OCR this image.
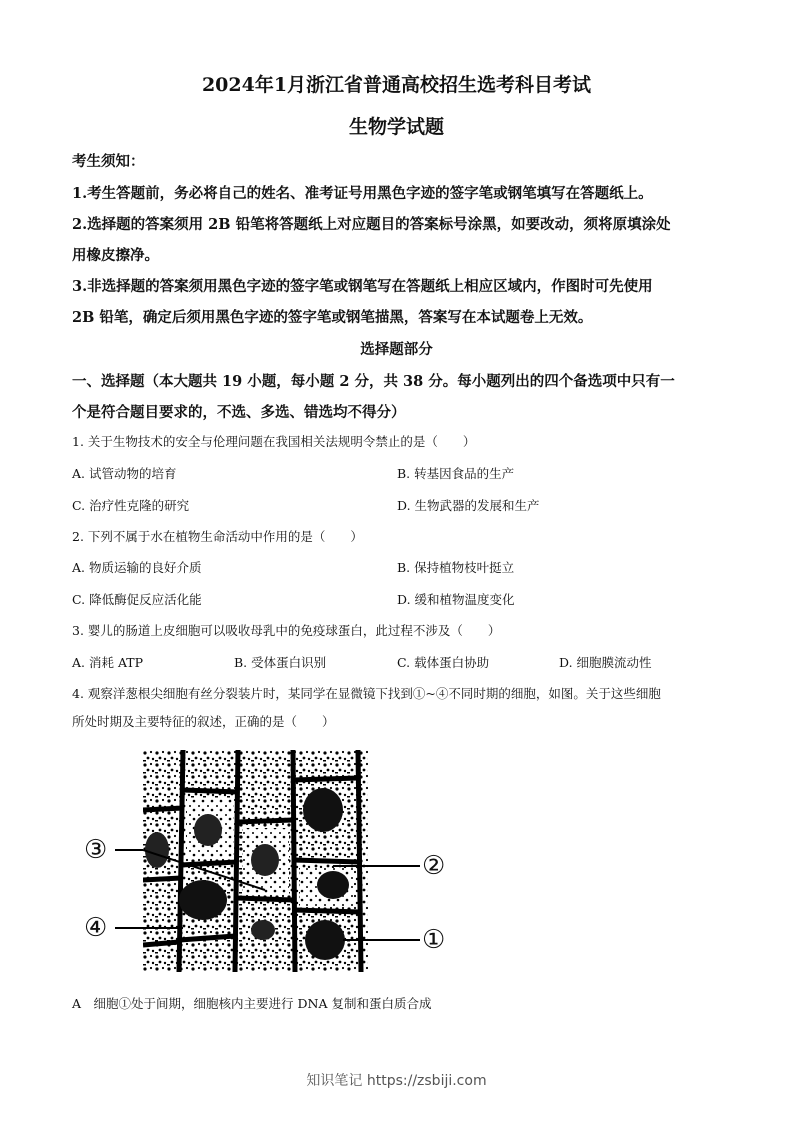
2024年1月浙江省普通高校招生选考科目考试
生物学试题
考生须知：
1.考生答题前，务必将自己的姓名、准考证号用黑色字迹的签字笔或钢笔填写在答题纸上。
2.选择题的答案须用 2B 铅笔将答题纸上对应题目的答案标号涂黑，如要改动，须将原填涂处
用橡皮擦净。
3.非选择题的答案须用黑色字迹的签字笔或钢笔写在答题纸上相应区域内，作图时可先使用
2B 铅笔，确定后须用黑色字迹的签字笔或钢笔描黑，答案写在本试题卷上无效。
选择题部分
一、选择题（本大题共 19 小题，每小题 2 分，共 38 分。每小题列出的四个备选项中只有一
个是符合题目要求的，不选、多选、错选均不得分）
1. 关于生物技术的安全与伦理问题在我国相关法规明令禁止的是（　　）
A. 试管动物的培育	B. 转基因食品的生产
C. 治疗性克隆的研究	D. 生物武器的发展和生产
2. 下列不属于水在植物生命活动中作用的是（　　）
A. 物质运输的良好介质	B. 保持植物枝叶挺立
C. 降低酶促反应活化能	D. 缓和植物温度变化
3. 婴儿的肠道上皮细胞可以吸收母乳中的免疫球蛋白，此过程不涉及（　　）
A. 消耗 ATP	B. 受体蛋白识别	C. 载体蛋白协助	D. 细胞膜流动性
4. 观察洋葱根尖细胞有丝分裂装片时，某同学在显微镜下找到①~④不同时期的细胞，如图。关于这些细胞
所处时期及主要特征的叙述，正确的是（　　）
③
④
②
①
A　细胞①处于间期，细胞核内主要进行 DNA 复制和蛋白质合成
知识笔记 https://zsbiji.com
